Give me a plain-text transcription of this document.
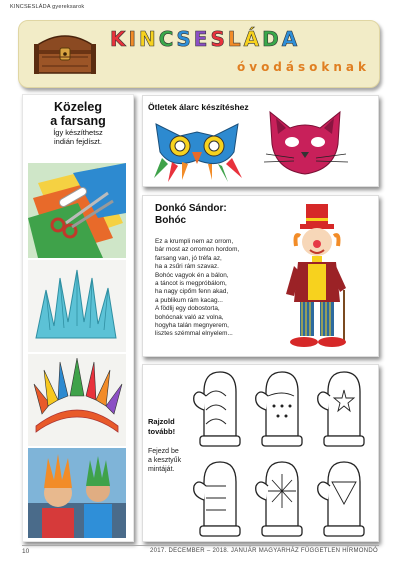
KINCSESLÁDA gyereksarok
KINCSESLÁDA
óvodásoknak
Közeleg
a farsang
Így készíthetsz
indián fejdíszt.
Ötletek álarc készítéshez
Donkó Sándor:
Bohóc
Ez a krumpli nem az orrom,
bár most az orromon hordom,
farsang van, jó tréfa az,
ha a zsűri rám szavaz.
Bohóc vagyok én a bálon,
a táncot is megpróbálom,
ha nagy cipőm fenn akad,
a publikum rám kacag...
A födlij egy dobostorta,
bohócnak való az volna,
hogyha talán megnyerem,
lisztes szémmal elnyelem...
Rajzold
tovább!
Fejezd be
a kesztyűk
mintáját.
10	2017. DECEMBER – 2018. JANUÁR MAGYARHÁZ FÜGGETLEN HÍRMONDÓ
